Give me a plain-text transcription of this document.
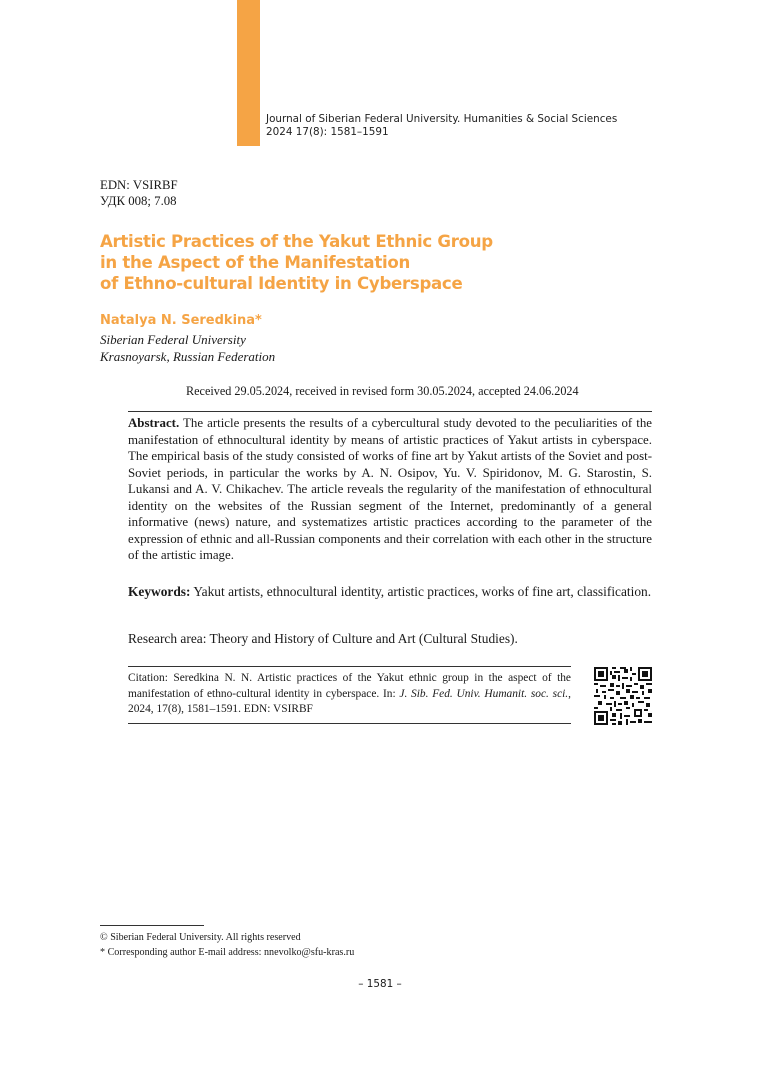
Journal of Siberian Federal University. Humanities & Social Sciences
2024 17(8): 1581–1591
EDN: VSIRBF
УДК 008; 7.08
Artistic Practices of the Yakut Ethnic Group
in the Aspect of the Manifestation
of Ethno-cultural Identity in Cyberspace
Natalya N. Seredkina*
Siberian Federal University
Krasnoyarsk, Russian Federation
Received 29.05.2024, received in revised form 30.05.2024, accepted 24.06.2024
Abstract. The article presents the results of a cybercultural study devoted to the peculiarities of the manifestation of ethnocultural identity by means of artistic practices of Yakut artists in cyberspace. The empirical basis of the study consisted of works of fine art by Yakut artists of the Soviet and post-Soviet periods, in particular the works by A. N. Osipov, Yu. V. Spiridonov, M. G. Starostin, S. Lukansi and A. V. Chikachev. The article reveals the regularity of the manifestation of ethnocultural identity on the websites of the Russian segment of the Internet, predominantly of a general informative (news) nature, and systematizes artistic practices according to the parameter of the expression of ethnic and all-Russian components and their correlation with each other in the structure of the artistic image.
Keywords: Yakut artists, ethnocultural identity, artistic practices, works of fine art, classification.
Research area: Theory and History of Culture and Art (Cultural Studies).
Citation: Seredkina N. N. Artistic practices of the Yakut ethnic group in the aspect of the manifestation of ethno-cultural identity in cyberspace. In: J. Sib. Fed. Univ. Humanit. soc. sci., 2024, 17(8), 1581–1591. EDN: VSIRBF
© Siberian Federal University. All rights reserved
* Corresponding author E-mail address: nnevolko@sfu-kras.ru
– 1581 –
